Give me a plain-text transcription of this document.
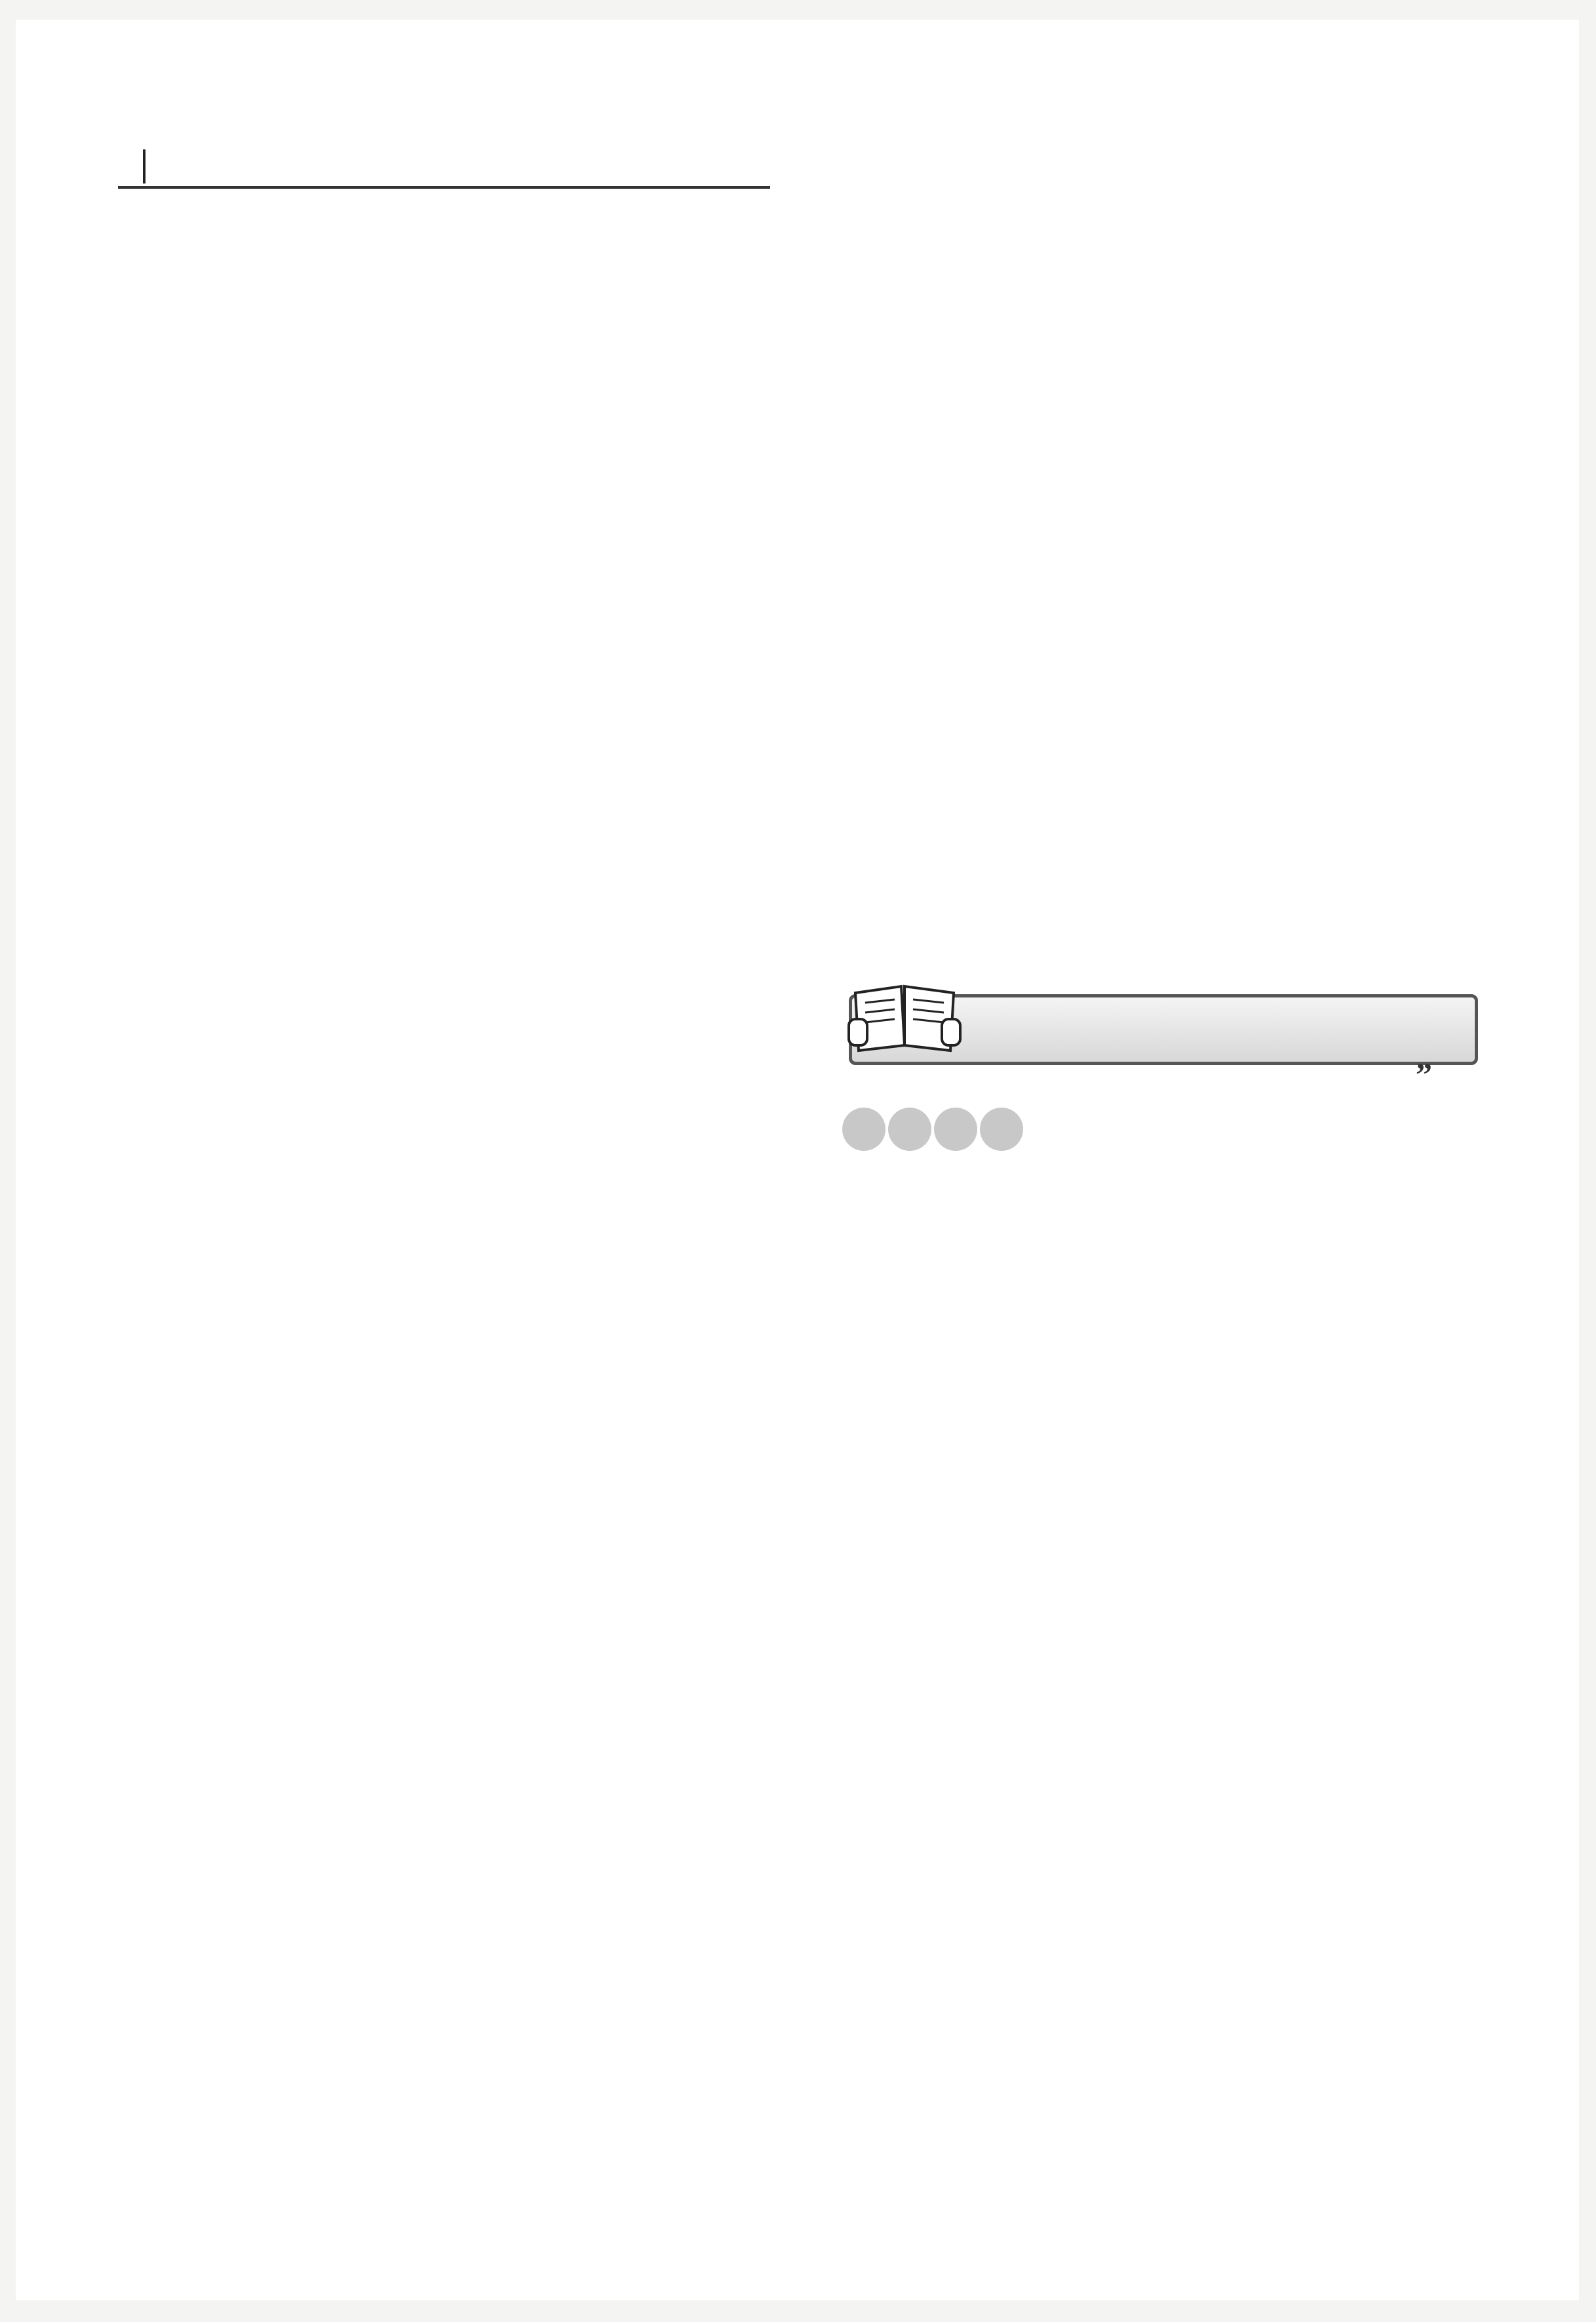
”
